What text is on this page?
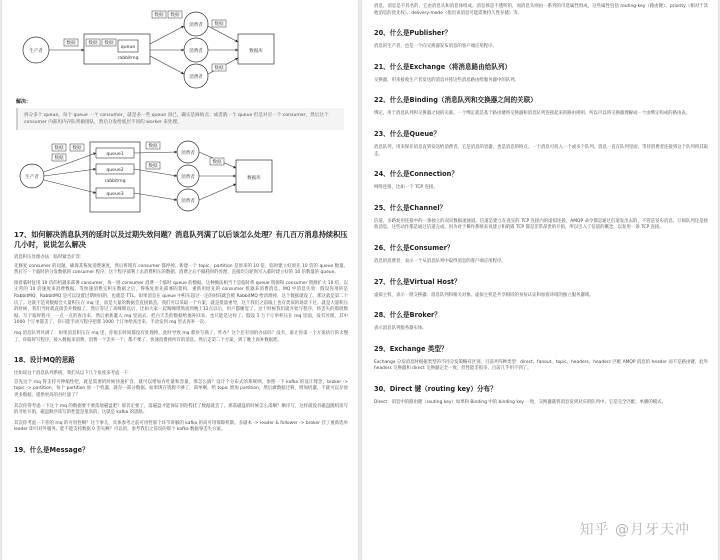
生产者
queue
rabbitmq
数据	数据 数据
消费者
消费者
消费者
数据 数据
数据库
数据
数据
解决：
拆分多个 queue，每个 queue 一个 consumer，就是多一些 queue 而已，确实是麻烦点；或者就一个 queue 但是对应一个 consumer，然后这个 consumer 内部用内存队列做排队，然后分发给底层不同的 worker 来处理。
生产者
数据
数据
数据
queue1
queue2
queue3
rabbitmq
消费者
消费者
消费者
数据
数据
数据库
数据
17、如何解决消息队列的延时以及过期失效问题？消息队列满了以后该怎么处理？有几百万消息持续积压几小时，说说怎么解决

消息积压处理办法：临时紧急扩容：

先修复 consumer 的问题，确保其恢复消费速度，然后将现有 consumer 都停掉。新建一个 topic，partition 是原来的 10 倍，临时建立好原先 10 倍的 queue 数量。然后写一个临时的分发数据的 consumer 程序，这个程序部署上去消费积压的数据，消费之后不做耗时的处理，直接均匀轮询写入临时建立好的 10 倍数量的 queue。

接着临时征用 10 倍的机器来部署 consumer，每一批 consumer 消费一个临时 queue 的数据。这种做法相当于是临时将 queue 资源和 consumer 资源扩大 10 倍，以正常的 10 倍速度来消费数据。等快速消费完积压数据之后，得恢复原先部署的架构，重新用原先的 consumer 机器来消费消息。MQ 中消息失效：假设你用的是 RabbitMQ，RabbitMQ 是可以设置过期时间的，也就是 TTL。如果消息在 queue 中积压超过一定的时间就会被 RabbitMQ 给清理掉，这个数据就没了。那这就是第二个坑了。这就不是说数据会大量积压在 mq 里，而是大量的数据会直接搞丢。我们可以采取一个方案，就是批量重导，这个我们之前线上也有类似的场景干过。就是大量积压的时候，我们当时就直接丢弃数据了，然后等过了高峰期以后，比如大家一起喝咖啡熬夜到晚上12点以后，用户都睡觉了。这个时候我们就开始写程序，将丢失的那批数据，写个临时程序，一点一点的查出来，然后重新灌入 mq 里面去，把白天丢的数据给他补回来。也只能是这样了。假设 1 万个订单积压在 mq 里面，没有处理，其中 1000 个订单都丢了，你只能手动写程序把那 1000 个订单给查出来，手动发到 mq 里去再补一次。

mq 消息队列块满了：如果消息积压在 mq 里，你很长时间都没有处理掉，此时导致 mq 都快写满了，咋办？这个还有别的办法吗？没有，谁让你第一个方案执行的太慢了，你临时写程序，接入数据来消费，消费一个丢弃一个，都不要了，快速消费掉所有的消息。然后走第二个方案，到了晚上再补数据吧。

18、设计MQ的思路

比如说这个消息队列系统，我们从以下几个角度来考虑一下：

首先这个 mq 得支持可伸缩性吧，就是需要的时候快速扩容，就可以增加吞吐量和容量，那怎么搞？设计个分布式的系统呗，参照一下 kafka 的设计理念，broker -> topic -> partition，每个 partition 放一个机器，就存一部分数据。如果现在资源不够了，简单啊，给 topic 增加 partition，然后做数据迁移，增加机器，不就可以存放更多数据，提供更高的吞吐量了？

其次你得考虑一下这个 mq 的数据要不要落地磁盘吧？那肯定要了，落磁盘才能保证别进程挂了数据就丢了。那落磁盘的时候怎么落啊？顺序写，这样就没有磁盘随机读写的寻址开销，磁盘顺序读写的性能是很高的，这就是 kafka 的思路。

其次你考虑一下你的 mq 的可用性啊？这个事儿，具体参考之前可用性那个环节讲解的 kafka 的高可用保障机制。多副本 -> leader & follower -> broker 挂了重新选举 leader 即可对外服务。能不能支持数据 0 丢失啊？可以的，参考我们之前说的那个 kafka 数据零丢失方案。

19、什么是Message？

消息，消息是不具名的，它由消息头和消息体组成。消息体是不透明的，而消息头则由一系列的可选属性组成，这些属性包括 routing-key（路由键）、priority（相对于其他消息的优先权）、delivery-mode（指出该消息可能需要持久性存储）等。

20、什么是Publisher？

消息的生产者，也是一个向交换器发布消息的客户端应用程序。

21、什么是Exchange（将消息路由给队列）

交换器，用来接收生产者发送的消息并将这些消息路由给服务器中的队列。

22、什么是Binding（消息队列和交换器之间的关联）

绑定，用于消息队列和交换器之间的关联。一个绑定就是基于路由键将交换器和消息队列连接起来的路由规则，所以可以将交换器理解成一个由绑定构成的路由表。

23、什么是Queue？

消息队列，用来保存消息直到发送给消费者。它是消息的容器，也是消息的终点。一个消息可投入一个或多个队列。消息一直在队列里面，等待消费者连接到这个队列将其取走。

24、什么是Connection？

网络连接，比如一个 TCP 连接。

25、什么是Channel？

信道，多路复用连接中的一条独立的双向数据流通道。信道是建立在真实的 TCP 连接内的虚拟连接，AMQP 命令都是通过信道发出去的，不管是发布消息、订阅队列还是接收消息，这些动作都是通过信道完成。因为对于操作系统来说建立和销毁 TCP 都是非常昂贵的开销，所以引入了信道的概念，以复用一条 TCP 连接。

26、什么是Consumer？

消息的消费者，表示一个从消息队列中取得消息的客户端应用程序。

27、什么是Virtual Host？

虚拟主机，表示一批交换器、消息队列和相关对象。虚拟主机是共享相同的身份认证和加密环境的独立服务器域。

28、什么是Broker？

表示消息队列服务器实体。

29、Exchange 类型？

Exchange 分发消息时根据类型的不同分发策略有区别，目前共四种类型：direct、fanout、topic、headers。headers 匹配 AMQP 消息的 header 而不是路由键，此外 headers 交换器和 direct 交换器完全一致，但性能差很多，目前几乎用不到了。

30、Direct 键（routing key）分布？

Direct：消息中的路由键（routing key）如果和 Binding 中的 binding key 一致，交换器就将消息发到对应的队列中。它是完全匹配、单播的模式。

知乎 @月牙天冲
